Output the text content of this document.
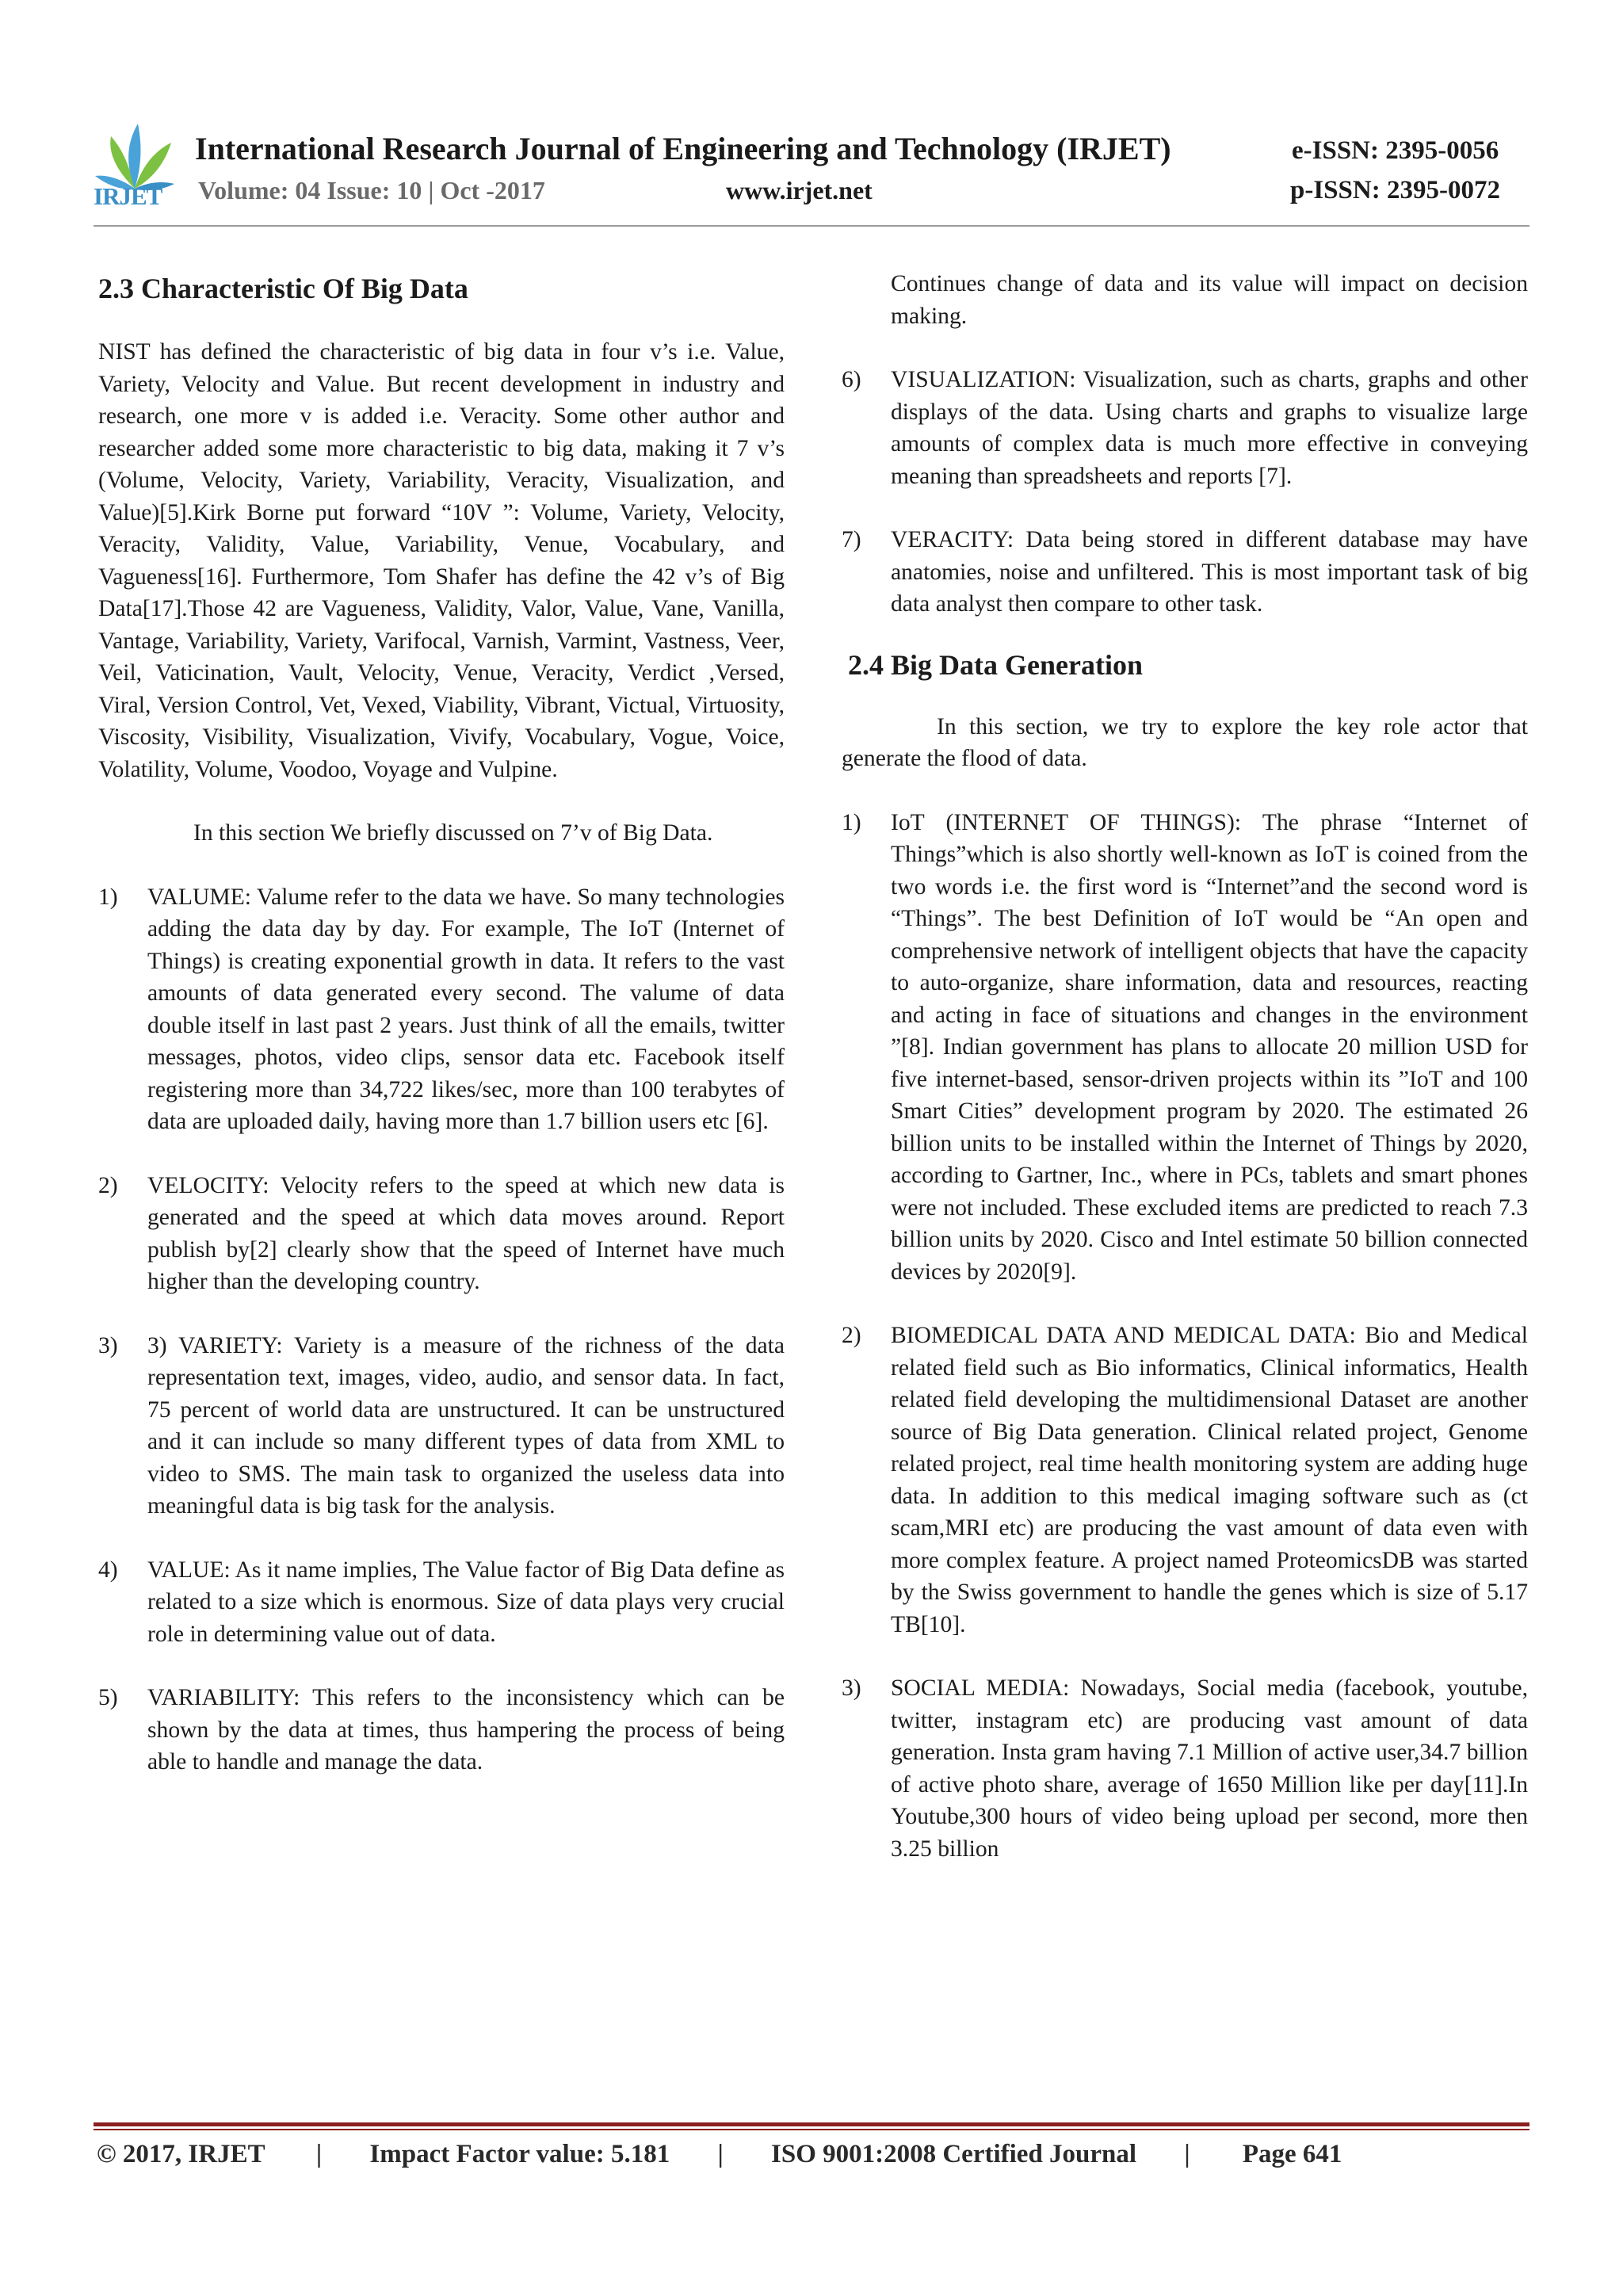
IRJET
International Research Journal of Engineering and Technology (IRJET)	e-ISSN: 2395-0056
Volume: 04 Issue: 10 | Oct -2017	www.irjet.net	p-ISSN: 2395-0072

2.3 Characteristic Of Big Data

NIST has defined the characteristic of big data in four v’s i.e. Value, Variety, Velocity and Value. But recent development in industry and research, one more v is added i.e. Veracity. Some other author and researcher added some more characteristic to big data, making it 7 v’s (Volume, Velocity, Variety, Variability, Veracity, Visualization, and Value)[5].Kirk Borne put forward “10V ”: Volume, Variety, Velocity, Veracity, Validity, Value, Variability, Venue, Vocabulary, and Vagueness[16]. Furthermore, Tom Shafer has define the 42 v’s of Big Data[17].Those 42 are Vagueness, Validity, Valor, Value, Vane, Vanilla, Vantage, Variability, Variety, Varifocal, Varnish, Varmint, Vastness, Veer, Veil, Vaticination, Vault, Velocity, Venue, Veracity, Verdict ,Versed, Viral, Version Control, Vet, Vexed, Viability, Vibrant, Victual, Virtuosity, Viscosity, Visibility, Visualization, Vivify, Vocabulary, Vogue, Voice, Volatility, Volume, Voodoo, Voyage and Vulpine.

In this section We briefly discussed on 7’v of Big Data.

1) VALUME: Valume refer to the data we have. So many technologies adding the data day by day. For example, The IoT (Internet of Things) is creating exponential growth in data. It refers to the vast amounts of data generated every second. The valume of data double itself in last past 2 years. Just think of all the emails, twitter messages, photos, video clips, sensor data etc. Facebook itself registering more than 34,722 likes/sec, more than 100 terabytes of data are uploaded daily, having more than 1.7 billion users etc [6].
2) VELOCITY: Velocity refers to the speed at which new data is generated and the speed at which data moves around. Report publish by[2] clearly show that the speed of Internet have much higher than the developing country.
3) 3) VARIETY: Variety is a measure of the richness of the data representation text, images, video, audio, and sensor data. In fact, 75 percent of world data are unstructured. It can be unstructured and it can include so many different types of data from XML to video to SMS. The main task to organized the useless data into meaningful data is big task for the analysis.
4) VALUE: As it name implies, The Value factor of Big Data define as related to a size which is enormous. Size of data plays very crucial role in determining value out of data.
5) VARIABILITY: This refers to the inconsistency which can be shown by the data at times, thus hampering the process of being able to handle and manage the data.
Continues change of data and its value will impact on decision making.
6) VISUALIZATION: Visualization, such as charts, graphs and other displays of the data. Using charts and graphs to visualize large amounts of complex data is much more effective in conveying meaning than spreadsheets and reports [7].
7) VERACITY: Data being stored in different database may have anatomies, noise and unfiltered. This is most important task of big data analyst then compare to other task.

2.4 Big Data Generation

In this section, we try to explore the key role actor that generate the flood of data.

1) IoT (INTERNET OF THINGS): The phrase “Internet of Things”which is also shortly well-known as IoT is coined from the two words i.e. the first word is “Internet”and the second word is “Things”. The best Definition of IoT would be “An open and comprehensive network of intelligent objects that have the capacity to auto-organize, share information, data and resources, reacting and acting in face of situations and changes in the environment ”[8]. Indian government has plans to allocate 20 million USD for five internet-based, sensor-driven projects within its ”IoT and 100 Smart Cities” development program by 2020. The estimated 26 billion units to be installed within the Internet of Things by 2020, according to Gartner, Inc., where in PCs, tablets and smart phones were not included. These excluded items are predicted to reach 7.3 billion units by 2020. Cisco and Intel estimate 50 billion connected devices by 2020[9].
2) BIOMEDICAL DATA AND MEDICAL DATA: Bio and Medical related field such as Bio informatics, Clinical informatics, Health related field developing the multidimensional Dataset are another source of Big Data generation. Clinical related project, Genome related project, real time health monitoring system are adding huge data. In addition to this medical imaging software such as (ct scam,MRI etc) are producing the vast amount of data even with more complex feature. A project named ProteomicsDB was started by the Swiss government to handle the genes which is size of 5.17 TB[10].
3) SOCIAL MEDIA: Nowadays, Social media (facebook, youtube, twitter, instagram etc) are producing vast amount of data generation. Insta gram having 7.1 Million of active user,34.7 billion of active photo share, average of 1650 Million like per day[11].In Youtube,300 hours of video being upload per second, more then 3.25 billion
© 2017, IRJET | Impact Factor value: 5.181 | ISO 9001:2008 Certified Journal | Page 641
